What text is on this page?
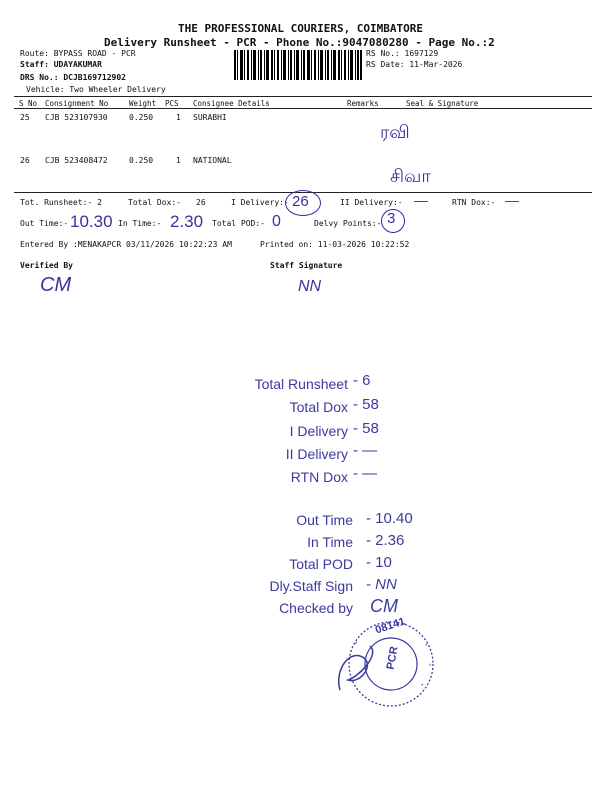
THE PROFESSIONAL COURIERS, COIMBATORE
Delivery Runsheet - PCR - Phone No.:9047080280 - Page No.:2
Route: BYPASS ROAD - PCR
Staff: UDAYAKUMAR
DRS No.: DCJB169712902
Vehicle: Two Wheeler Delivery
RS No.: 1697129
RS Date: 11-Mar-2026
S No Consignment No	Weight PCS Consignee Details	Remarks	Seal & Signature
25 CJB 523107930	0.250	1 SURABHI
ரவி
26 CJB 523408472	0.250	1 NATIONAL
சிவா
Tot. Runsheet:- 2	Total Dox:- 26	I Delivery:- 26	II Delivery:- —	RTN Dox:- —
Out Time:- 10.30 In Time:- 2.30 Total POD:- 0	Delvy Points:- 3
Entered By :MENAKAPCR 03/11/2026 10:22:23 AM	Printed on: 11-03-2026 10:22:52
Verified By	Staff Signature
CM	NN
Total Runsheet - 6
Total Dox - 58
I Delivery - 58
II Delivery - —
RTN Dox - —
Out Time - 10.40
In Time - 2.36
Total POD - 10
Dly.Staff Sign - NN
Checked by CM
*
*
*
*
08141
PCR
